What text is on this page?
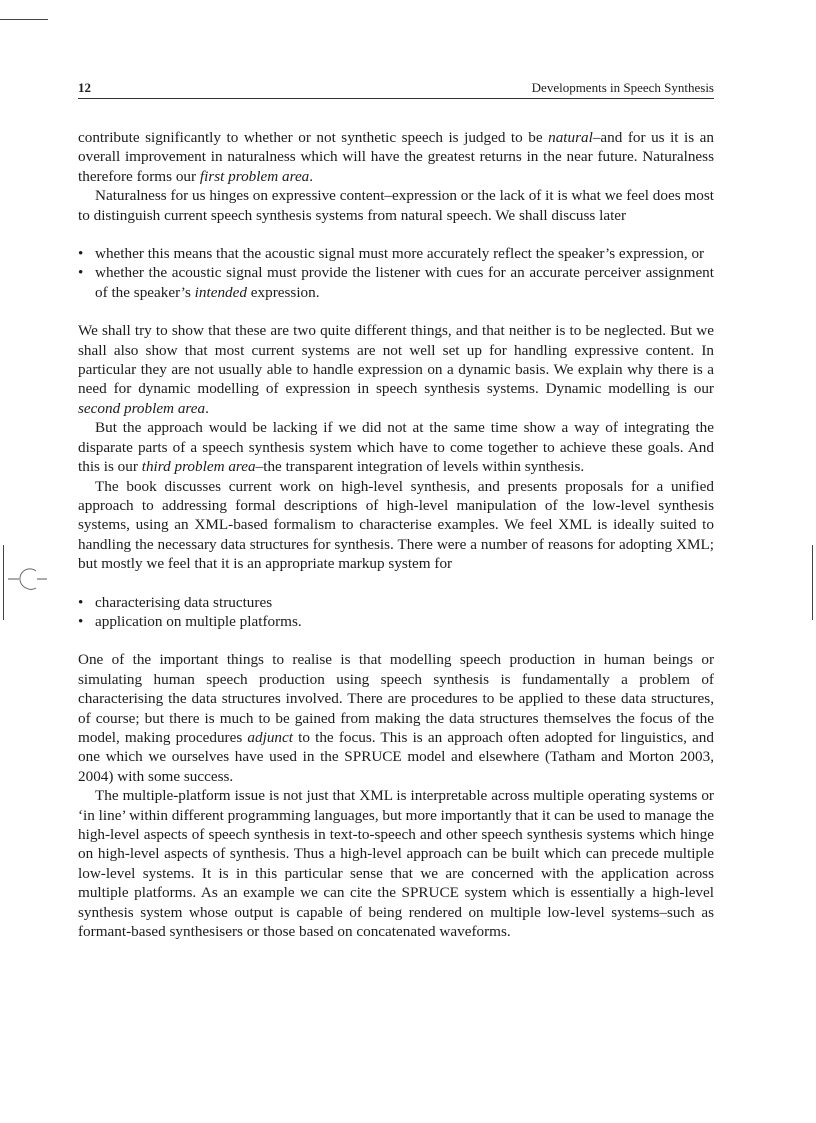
12	Developments in Speech Synthesis

contribute significantly to whether or not synthetic speech is judged to be natural–and for us it is an overall improvement in naturalness which will have the greatest returns in the near future. Naturalness therefore forms our first problem area.

Naturalness for us hinges on expressive content–expression or the lack of it is what we feel does most to distinguish current speech synthesis systems from natural speech. We shall discuss later

• whether this means that the acoustic signal must more accurately reflect the speaker’s expression, or
• whether the acoustic signal must provide the listener with cues for an accurate perceiver assignment of the speaker’s intended expression.

We shall try to show that these are two quite different things, and that neither is to be neglected. But we shall also show that most current systems are not well set up for handling expressive content. In particular they are not usually able to handle expression on a dynamic basis. We explain why there is a need for dynamic modelling of expression in speech synthesis systems. Dynamic modelling is our second problem area.

But the approach would be lacking if we did not at the same time show a way of integrating the disparate parts of a speech synthesis system which have to come together to achieve these goals. And this is our third problem area–the transparent integration of levels within synthesis.

The book discusses current work on high-level synthesis, and presents proposals for a unified approach to addressing formal descriptions of high-level manipulation of the low-level synthesis systems, using an XML-based formalism to characterise examples. We feel XML is ideally suited to handling the necessary data structures for synthesis. There were a number of reasons for adopting XML; but mostly we feel that it is an appropriate markup system for

• characterising data structures
• application on multiple platforms.

One of the important things to realise is that modelling speech production in human beings or simulating human speech production using speech synthesis is fundamentally a problem of characterising the data structures involved. There are procedures to be applied to these data structures, of course; but there is much to be gained from making the data structures themselves the focus of the model, making procedures adjunct to the focus. This is an approach often adopted for linguistics, and one which we ourselves have used in the SPRUCE model and elsewhere (Tatham and Morton 2003, 2004) with some success.

The multiple-platform issue is not just that XML is interpretable across multiple operating systems or ‘in line’ within different programming languages, but more importantly that it can be used to manage the high-level aspects of speech synthesis in text-to-speech and other speech synthesis systems which hinge on high-level aspects of synthesis. Thus a high-level approach can be built which can precede multiple low-level systems. It is in this particular sense that we are concerned with the application across multiple platforms. As an example we can cite the SPRUCE system which is essentially a high-level synthesis system whose output is capable of being rendered on multiple low-level systems–such as formant-based synthesisers or those based on concatenated waveforms.
